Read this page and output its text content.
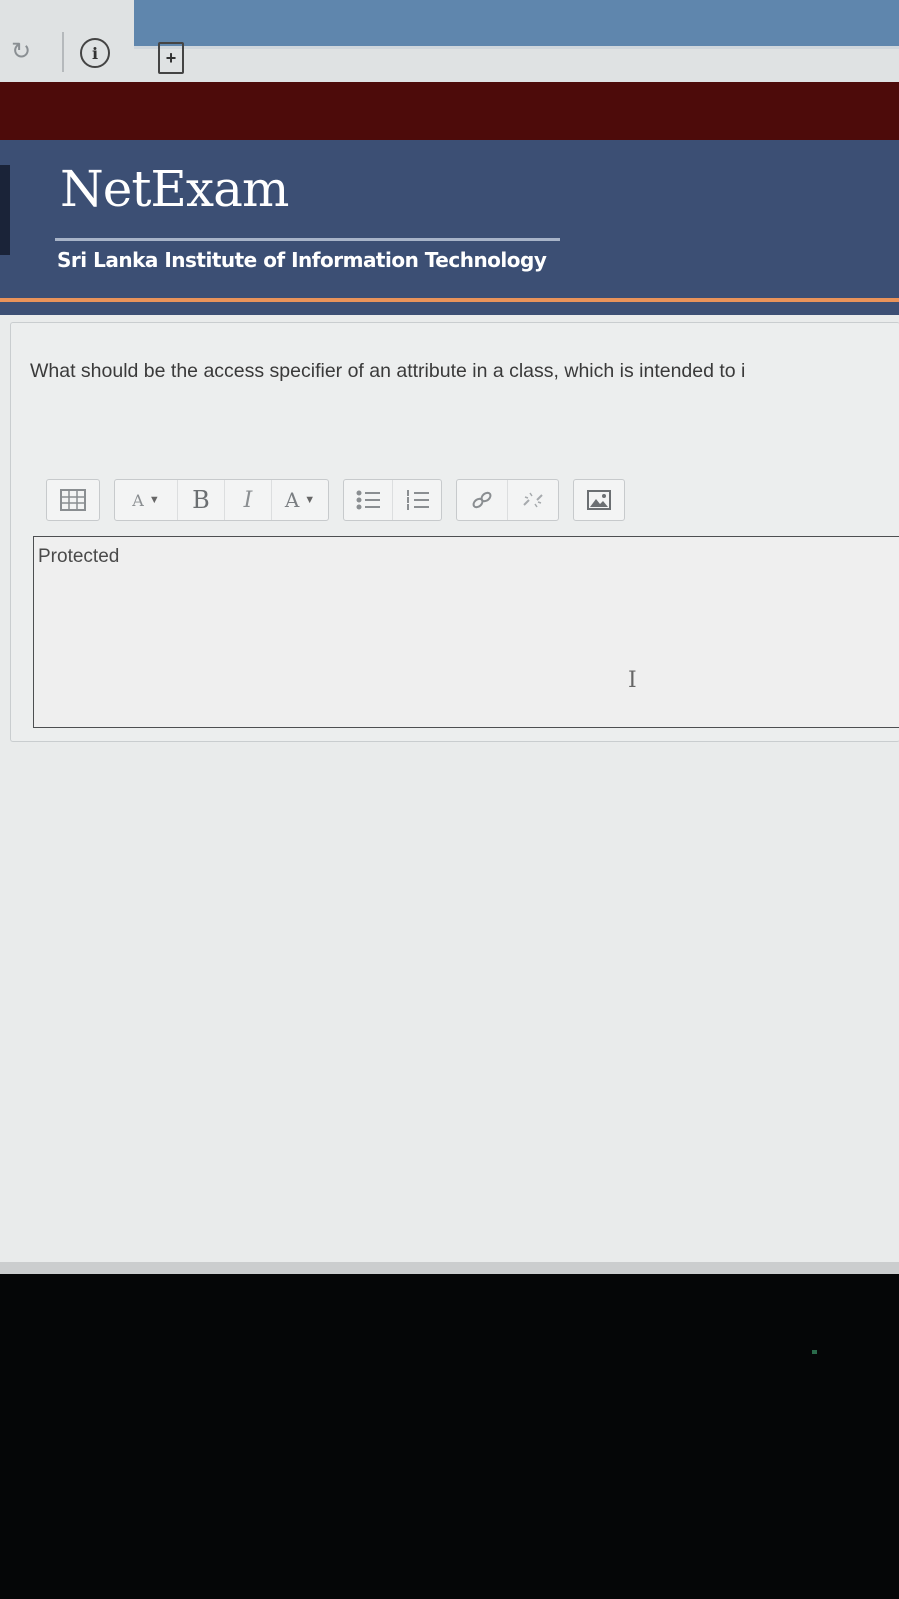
↻	i	+
NetExam
Sri Lanka Institute of Information Technology
What should be the access specifier of an attribute in a class, which is intended to i
A ▼	B	I	A ▼
Protected
I
